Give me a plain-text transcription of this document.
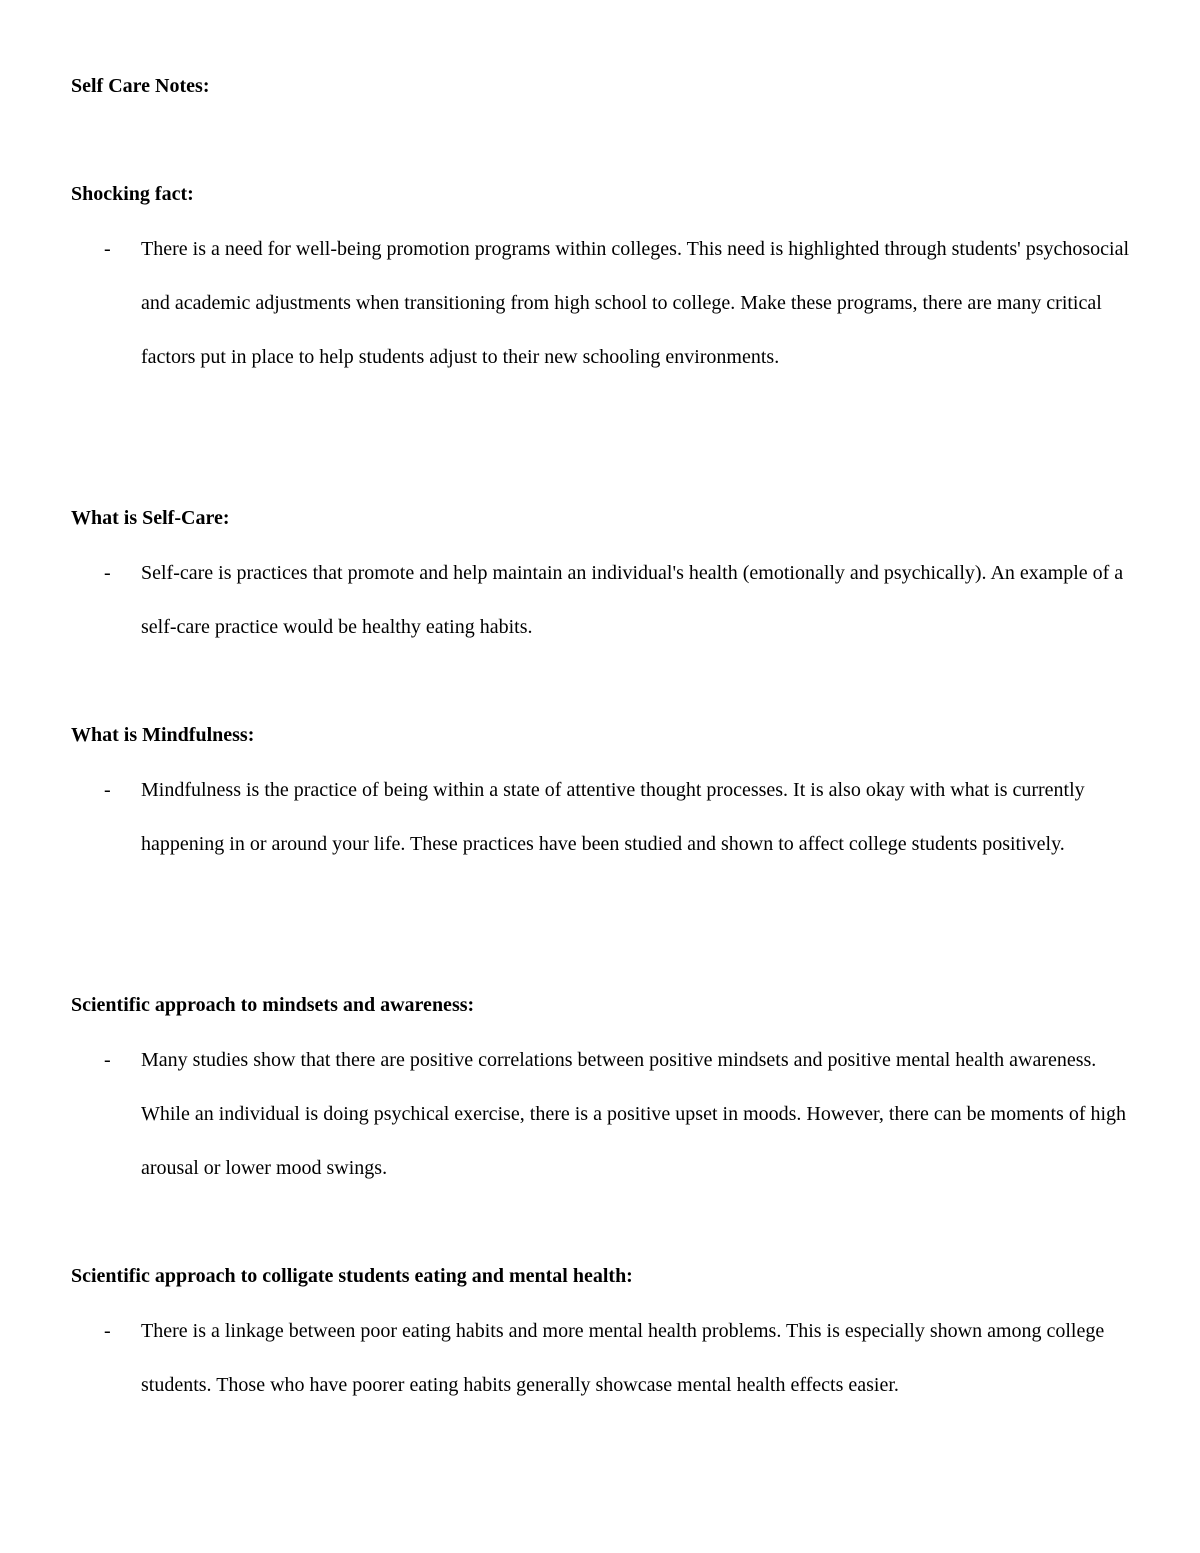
Self Care Notes:
Shocking fact:
- There is a need for well-being promotion programs within colleges. This need is highlighted through students' psychosocial and academic adjustments when transitioning from high school to college. Make these programs, there are many critical factors put in place to help students adjust to their new schooling environments.

What is Self-Care:
- Self-care is practices that promote and help maintain an individual's health (emotionally and psychically). An example of a self-care practice would be healthy eating habits.

What is Mindfulness:
- Mindfulness is the practice of being within a state of attentive thought processes. It is also okay with what is currently happening in or around your life. These practices have been studied and shown to affect college students positively.

Scientific approach to mindsets and awareness:
- Many studies show that there are positive correlations between positive mindsets and positive mental health awareness. While an individual is doing psychical exercise, there is a positive upset in moods. However, there can be moments of high arousal or lower mood swings.

Scientific approach to colligate students eating and mental health:
- There is a linkage between poor eating habits and more mental health problems. This is especially shown among college students. Those who have poorer eating habits generally showcase mental health effects easier.
